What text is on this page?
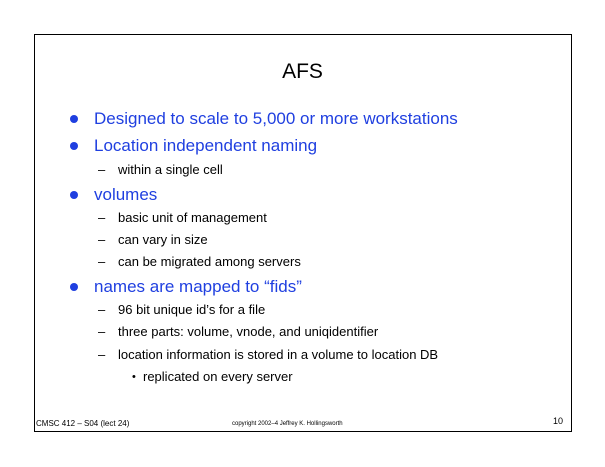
AFS
Designed to scale to 5,000 or more workstations
Location independent naming
– within a single cell
volumes
– basic unit of management
– can vary in size
– can be migrated among servers
names are mapped to “fids”
– 96 bit unique id’s for a file
– three parts: volume, vnode, and uniqidentifier
– location information is stored in a volume to location DB
• replicated on every server
CMSC 412 – S04 (lect 24)	copyright 2002–4 Jeffrey K. Hollingsworth	10
